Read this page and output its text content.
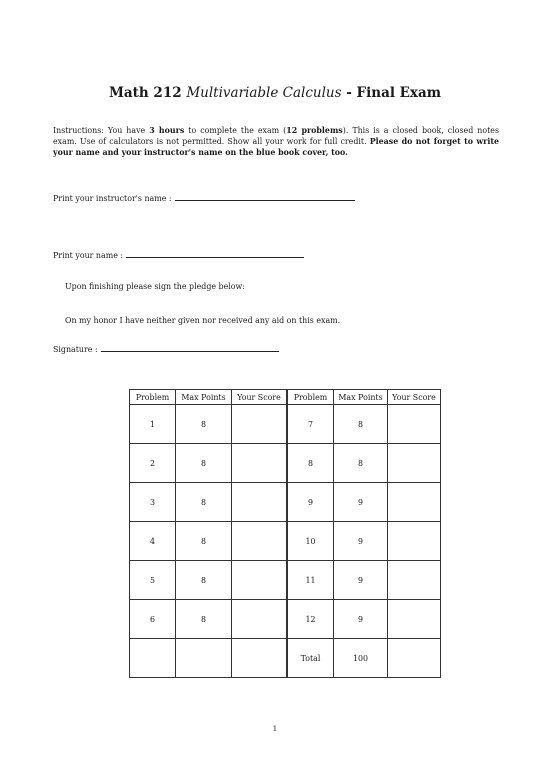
Math 212 Multivariable Calculus - Final Exam
Instructions: You have 3 hours to complete the exam (12 problems). This is a closed book, closed notes exam. Use of calculators is not permitted. Show all your work for full credit. Please do not forget to write your name and your instructor's name on the blue book cover, too.
Print your instructor's name :
Print your name :
Upon finishing please sign the pledge below:
On my honor I have neither given nor received any aid on this exam.
Signature :
Problem	Max Points	Your Score	Problem	Max Points	Your Score
1	8		7	8	
2	8		8	8	
3	8		9	9	
4	8		10	9	
5	8		11	9	
6	8		12	9	
			Total	100	
1
